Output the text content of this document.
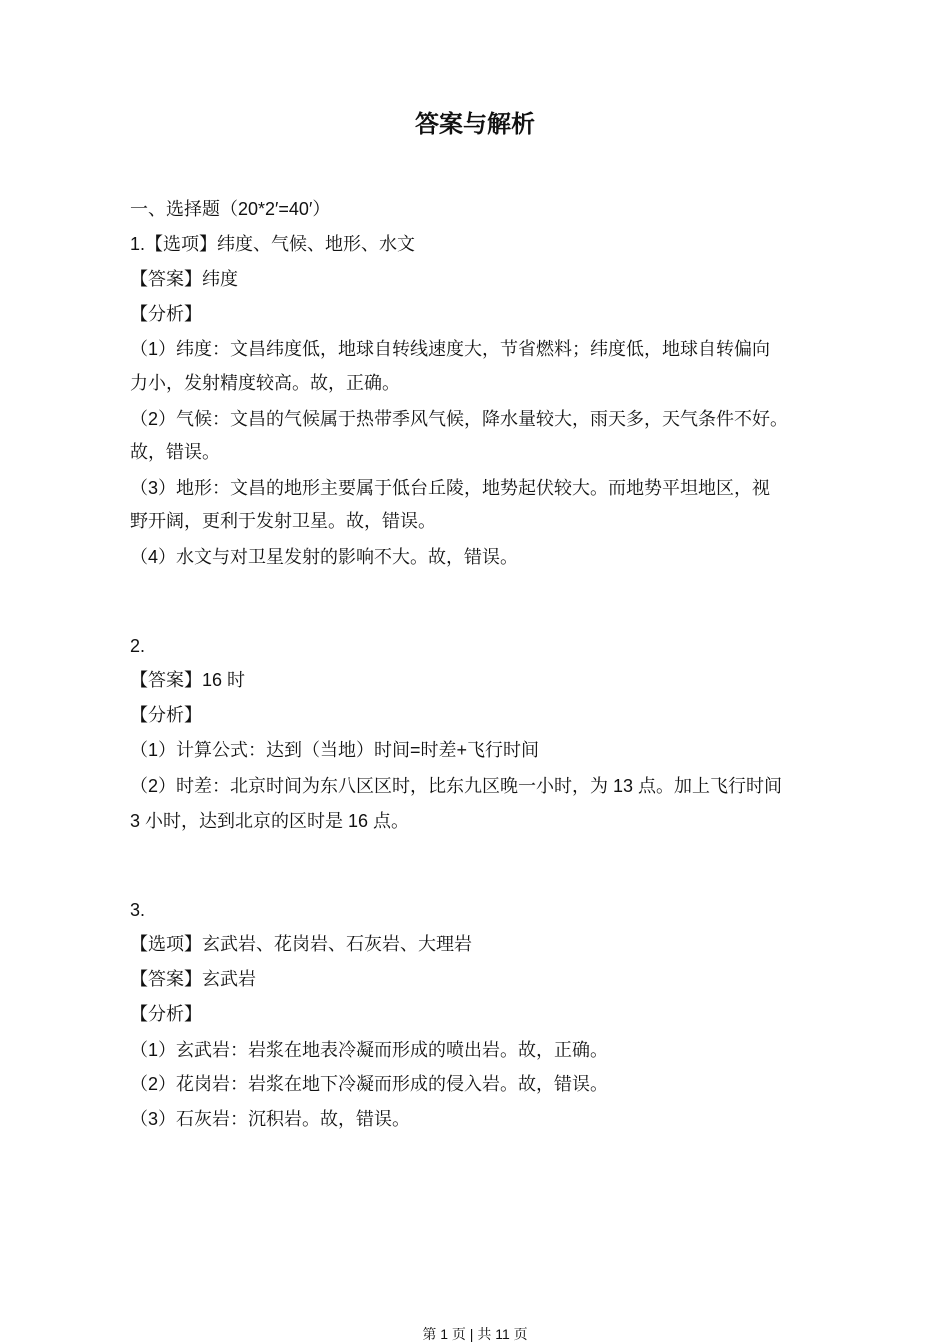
答案与解析
一、选择题（20*2′=40′）
1.【选项】纬度、气候、地形、水文
【答案】纬度
【分析】
（1）纬度：文昌纬度低，地球自转线速度大，节省燃料；纬度低，地球自转偏向
力小，发射精度较高。故，正确。
（2）气候：文昌的气候属于热带季风气候，降水量较大，雨天多，天气条件不好。
故，错误。
（3）地形：文昌的地形主要属于低台丘陵，地势起伏较大。而地势平坦地区，视
野开阔，更利于发射卫星。故，错误。
（4）水文与对卫星发射的影响不大。故，错误。
2.
【答案】16 时
【分析】
（1）计算公式：达到（当地）时间=时差+飞行时间
（2）时差：北京时间为东八区区时，比东九区晚一小时，为 13 点。加上飞行时间
3 小时，达到北京的区时是 16 点。
3.
【选项】玄武岩、花岗岩、石灰岩、大理岩
【答案】玄武岩
【分析】
（1）玄武岩：岩浆在地表冷凝而形成的喷出岩。故，正确。
（2）花岗岩：岩浆在地下冷凝而形成的侵入岩。故，错误。
（3）石灰岩：沉积岩。故，错误。
第 1 页 | 共 11 页
